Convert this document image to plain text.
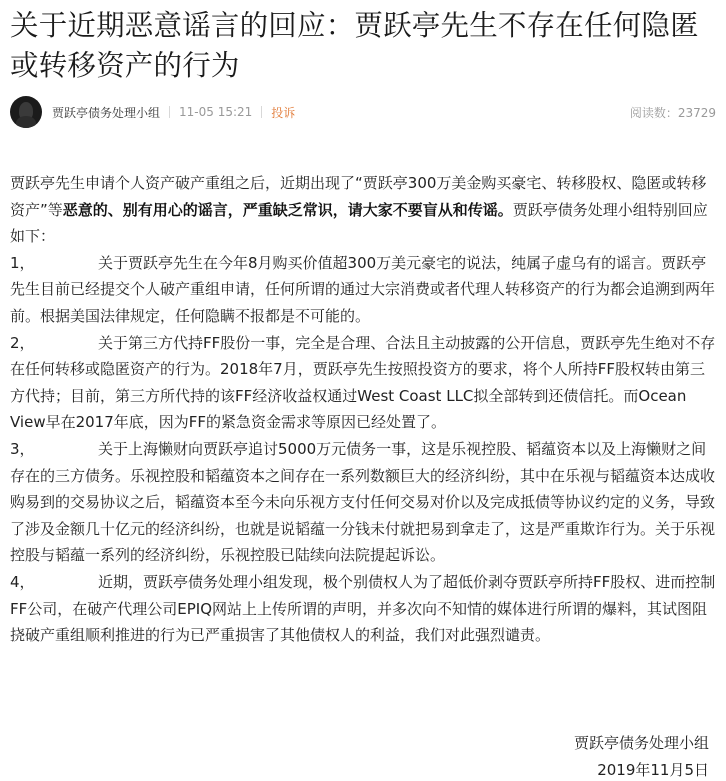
关于近期恶意谣言的回应：贾跃亭先生不存在任何隐匿或转移资产的行为
贾跃亭债务处理小组 11-05 15:21 投诉	阅读数：23729

贾跃亭先生申请个人资产破产重组之后，近期出现了“贾跃亭300万美金购买豪宅、转移股权、隐匿或转移资产”等恶意的、别有用心的谣言，严重缺乏常识，请大家不要盲从和传谣。贾跃亭债务处理小组特别回应如下：

1，	关于贾跃亭先生在今年8月购买价值超300万美元豪宅的说法，纯属子虚乌有的谣言。贾跃亭先生目前已经提交个人破产重组申请，任何所谓的通过大宗消费或者代理人转移资产的行为都会追溯到两年前。根据美国法律规定，任何隐瞒不报都是不可能的。

2，	关于第三方代持FF股份一事，完全是合理、合法且主动披露的公开信息，贾跃亭先生绝对不存在任何转移或隐匿资产的行为。2018年7月，贾跃亭先生按照投资方的要求，将个人所持FF股权转由第三方代持；目前，第三方所代持的该FF经济收益权通过West Coast LLC拟全部转到还债信托。而Ocean View早在2017年底，因为FF的紧急资金需求等原因已经处置了。

3，	关于上海懒财向贾跃亭追讨5000万元债务一事，这是乐视控股、韬蕴资本以及上海懒财之间存在的三方债务。乐视控股和韬蕴资本之间存在一系列数额巨大的经济纠纷，其中在乐视与韬蕴资本达成收购易到的交易协议之后，韬蕴资本至今未向乐视方支付任何交易对价以及完成抵债等协议约定的义务，导致了涉及金额几十亿元的经济纠纷，也就是说韬蕴一分钱未付就把易到拿走了，这是严重欺诈行为。关于乐视控股与韬蕴一系列的经济纠纷，乐视控股已陆续向法院提起诉讼。

4，	近期，贾跃亭债务处理小组发现，极个别债权人为了超低价剥夺贾跃亭所持FF股权、进而控制FF公司，在破产代理公司EPIQ网站上上传所谓的声明，并多次向不知情的媒体进行所谓的爆料，其试图阻挠破产重组顺利推进的行为已严重损害了其他债权人的利益，我们对此强烈谴责。

贾跃亭债务处理小组
2019年11月5日
